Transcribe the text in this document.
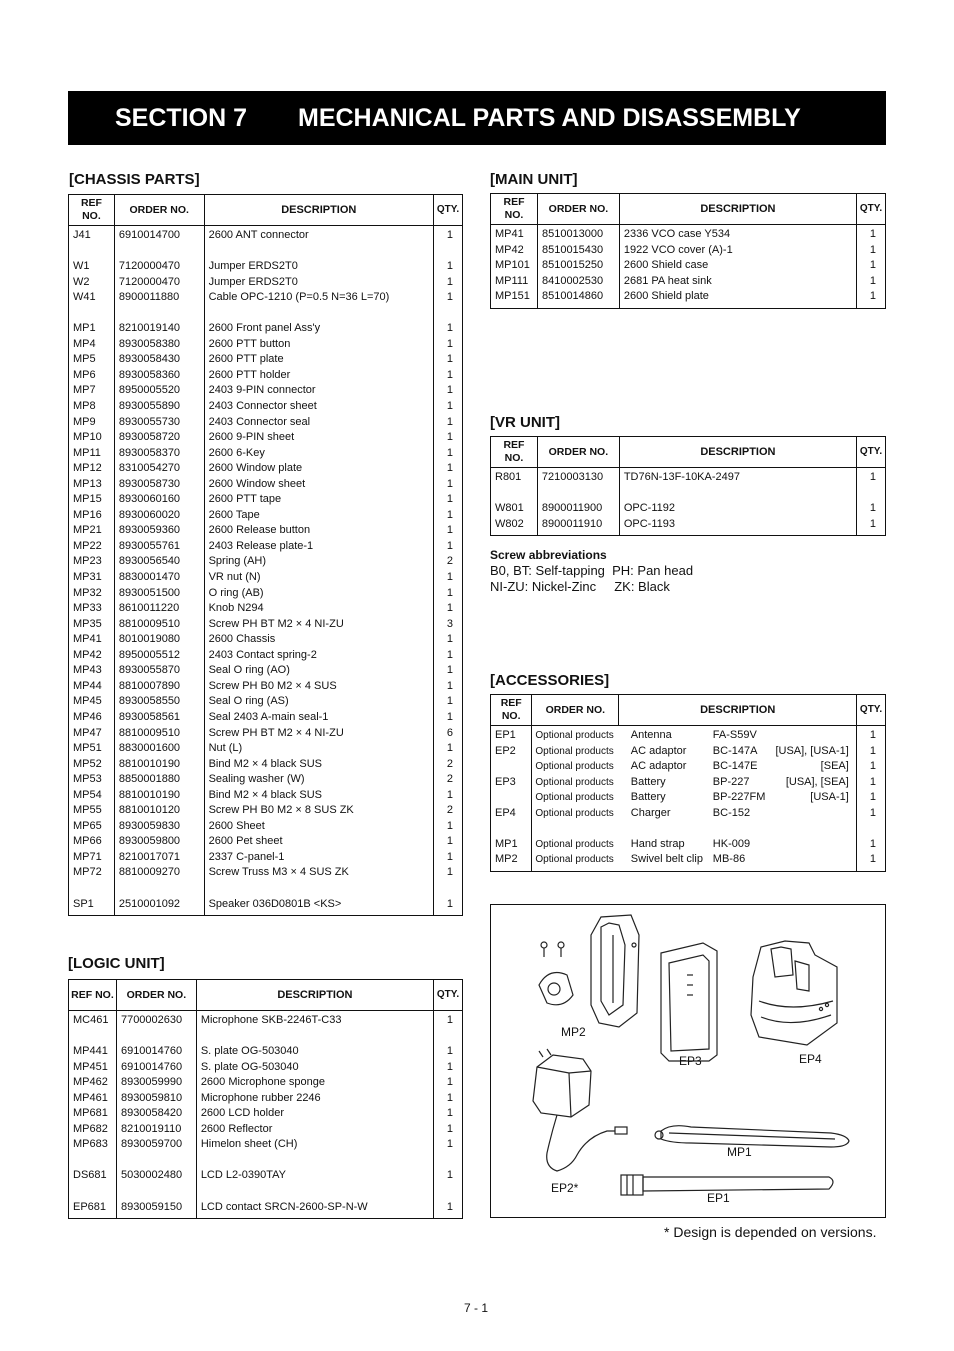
SECTION 7	MECHANICAL PARTS AND DISASSEMBLY
[CHASSIS PARTS]
REF NO.	ORDER NO.	DESCRIPTION	QTY.
J41	6910014700	2600 ANT connector	1

W1	7120000470	Jumper ERDS2T0	1
W2	7120000470	Jumper ERDS2T0	1
W41	8900011880	Cable OPC-1210 (P=0.5 N=36 L=70)	1

MP1	8210019140	2600 Front panel Ass'y	1
MP4	8930058380	2600 PTT button	1
MP5	8930058430	2600 PTT plate	1
MP6	8930058360	2600 PTT holder	1
MP7	8950005520	2403 9-PIN connector	1
MP8	8930055890	2403 Connector sheet	1
MP9	8930055730	2403 Connector seal	1
MP10	8930058720	2600 9-PIN sheet	1
MP11	8930058370	2600 6-Key	1
MP12	8310054270	2600 Window plate	1
MP13	8930058730	2600 Window sheet	1
MP15	8930060160	2600 PTT tape	1
MP16	8930060020	2600 Tape	1
MP21	8930059360	2600 Release button	1
MP22	8930055761	2403 Release plate-1	1
MP23	8930056540	Spring (AH)	2
MP31	8830001470	VR nut (N)	1
MP32	8930051500	O ring (AB)	1
MP33	8610011220	Knob N294	1
MP35	8810009510	Screw PH BT M2 × 4 NI-ZU	3
MP41	8010019080	2600 Chassis	1
MP42	8950005512	2403 Contact spring-2	1
MP43	8930055870	Seal O ring (AO)	1
MP44	8810007890	Screw PH B0 M2 × 4 SUS	1
MP45	8930058550	Seal O ring (AS)	1
MP46	8930058561	Seal 2403 A-main seal-1	1
MP47	8810009510	Screw PH BT M2 × 4 NI-ZU	6
MP51	8830001600	Nut (L)	1
MP52	8810010190	Bind M2 × 4 black SUS	2
MP53	8850001880	Sealing washer (W)	2
MP54	8810010190	Bind M2 × 4 black SUS	1
MP55	8810010120	Screw PH B0 M2 × 8 SUS ZK	2
MP65	8930059830	2600 Sheet	1
MP66	8930059800	2600 Pet sheet	1
MP71	8210017071	2337 C-panel-1	1
MP72	8810009270	Screw Truss M3 × 4 SUS ZK	1

SP1	2510001092	Speaker 036D0801B <KS>	1
[LOGIC UNIT]
REF NO.	ORDER NO.	DESCRIPTION	QTY.
MC461	7700002630	Microphone SKB-2246T-C33	1

MP441	6910014760	S. plate OG-503040	1
MP451	6910014760	S. plate OG-503040	1
MP462	8930059990	2600 Microphone sponge	1
MP461	8930059810	Microphone rubber 2246	1
MP681	8930058420	2600 LCD holder	1
MP682	8210019110	2600 Reflector	1
MP683	8930059700	Himelon sheet (CH)	1

DS681	5030002480	LCD L2-0390TAY	1

EP681	8930059150	LCD contact SRCN-2600-SP-N-W	1
[MAIN UNIT]
REF NO.	ORDER NO.	DESCRIPTION	QTY.
MP41	8510013000	2336 VCO case Y534	1
MP42	8510015430	1922 VCO cover (A)-1	1
MP101	8510015250	2600 Shield case	1
MP111	8410002530	2681 PA heat sink	1
MP151	8510014860	2600 Shield plate	1
[VR UNIT]
REF NO.	ORDER NO.	DESCRIPTION	QTY.
R801	7210003130	TD76N-13F-10KA-2497	1

W801	8900011900	OPC-1192	1
W802	8900011910	OPC-1193	1
Screw abbreviations
B0, BT: Self-tapping  PH: Pan head
NI-ZU: Nickel-Zinc     ZK: Black
[ACCESSORIES]
REF NO.	ORDER NO.	DESCRIPTION	QTY.
EP1	Optional products	Antenna FA-S59V	1
EP2	Optional products	AC adaptor BC-147A [USA], [USA-1]	1
	Optional products	AC adaptor BC-147E [SEA]	1
EP3	Optional products	Battery BP-227 [USA], [SEA]	1
	Optional products	Battery BP-227FM [USA-1]	1
EP4	Optional products	Charger BC-152	1

MP1	Optional products	Hand strap HK-009	1
MP2	Optional products	Swivel belt clip MB-86	1
MP2
EP3	EP4
MP1
EP2*
EP1
* Design is depended on versions.
7 - 1
